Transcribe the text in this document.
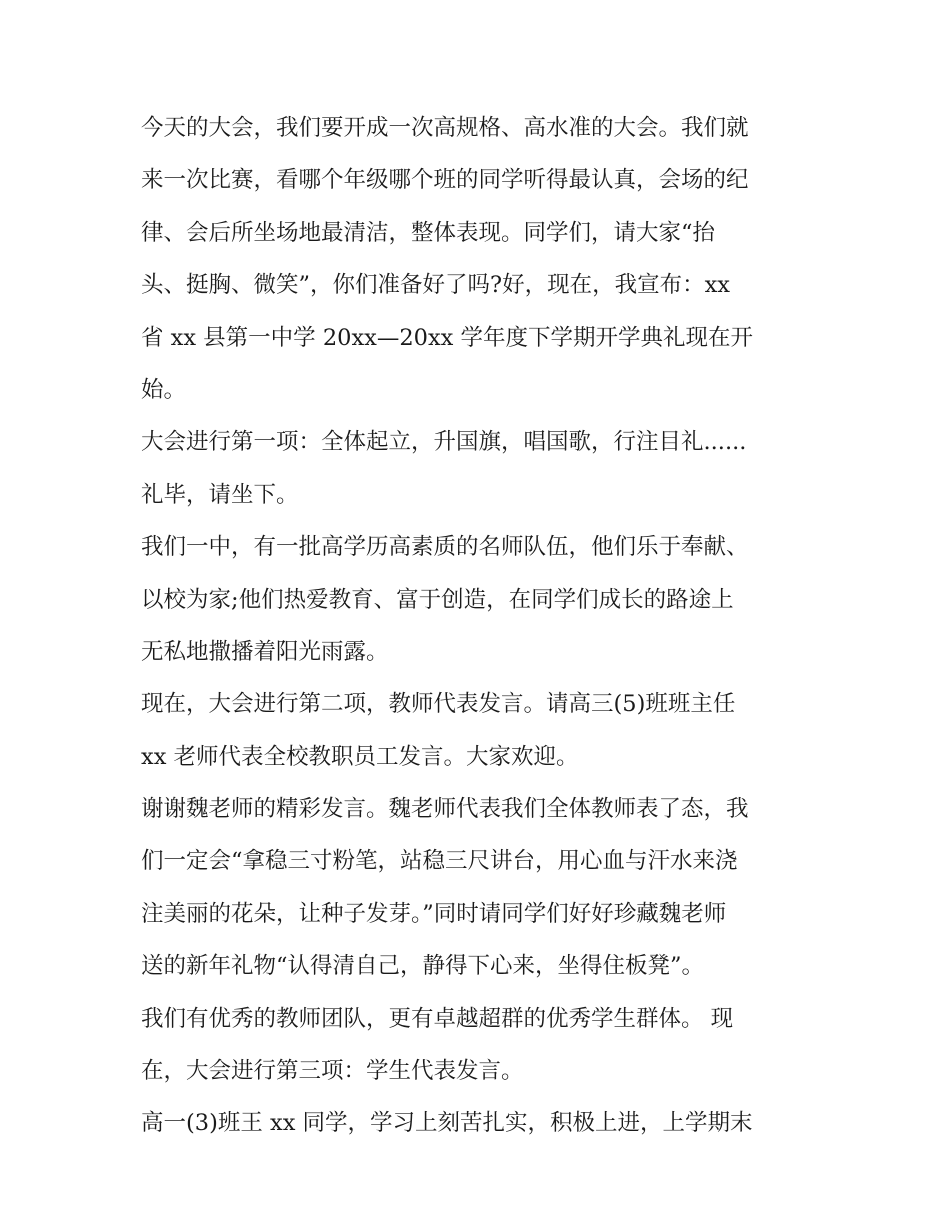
今天的大会，我们要开成一次高规格、高水准的大会。我们就
来一次比赛，看哪个年级哪个班的同学听得最认真，会场的纪
律、会后所坐场地最清洁，整体表现。同学们，请大家“抬
头、挺胸、微笑”，你们准备好了吗?好，现在，我宣布：xx
省 xx 县第一中学 20xx—20xx 学年度下学期开学典礼现在开
始。
大会进行第一项：全体起立，升国旗，唱国歌，行注目礼......
礼毕，请坐下。
我们一中，有一批高学历高素质的名师队伍，他们乐于奉献、
以校为家;他们热爱教育、富于创造，在同学们成长的路途上
无私地撒播着阳光雨露。
现在，大会进行第二项，教师代表发言。请高三(5)班班主任
xx 老师代表全校教职员工发言。大家欢迎。
谢谢魏老师的精彩发言。魏老师代表我们全体教师表了态，我
们一定会“拿稳三寸粉笔，站稳三尺讲台，用心血与汗水来浇
注美丽的花朵，让种子发芽。”同时请同学们好好珍藏魏老师
送的新年礼物“认得清自己，静得下心来，坐得住板凳”。
我们有优秀的教师团队，更有卓越超群的优秀学生群体。 现
在，大会进行第三项：学生代表发言。
高一(3)班王 xx 同学，学习上刻苦扎实，积极上进，上学期末
